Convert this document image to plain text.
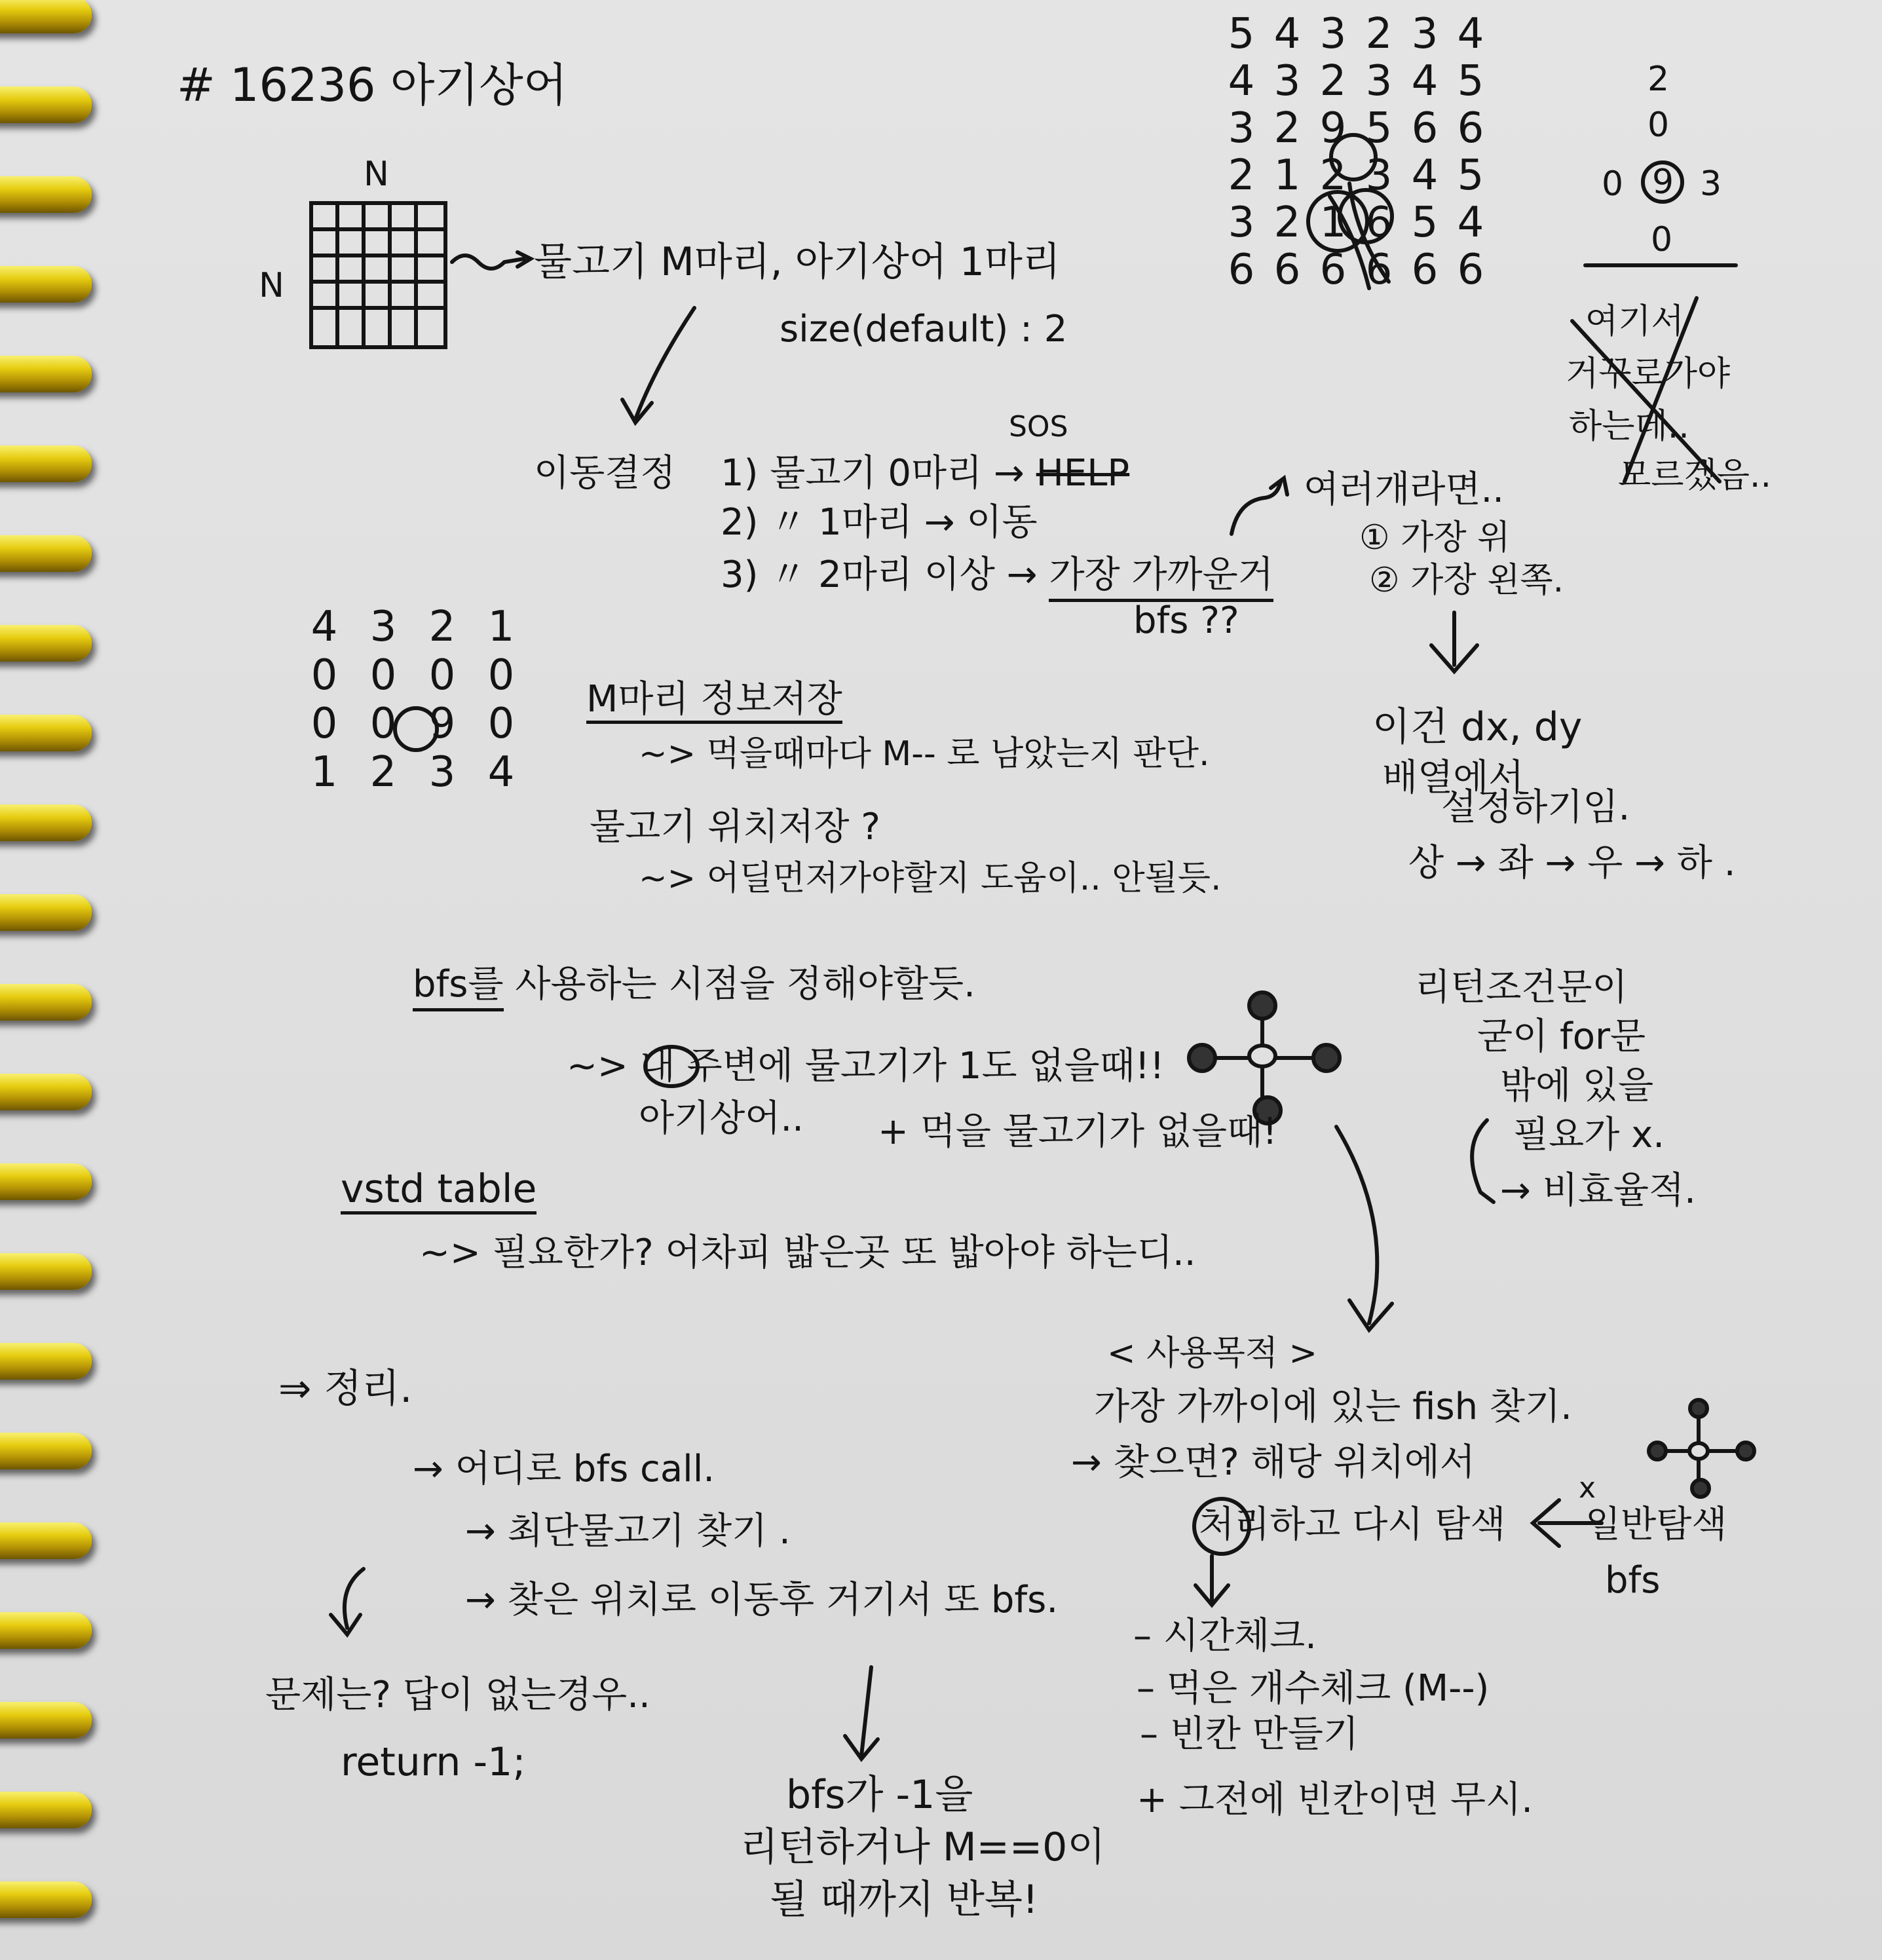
# 16236 아기상어
N
N
물고기 M마리, 아기상어 1마리
size(default) : 2
이동결정
SOS
1) 물고기 0마리 → HELP
2) 〃 1마리 → 이동
3) 〃 2마리 이상 → 가장 가까운거
bfs ??
여러개라면..
① 가장 위
② 가장 왼쪽.
5 4 3 2 3 4
4 3 2 3 4 5
3 2 9 5 6 6
2 1 2 3 4 5
3 2 1 6 5 4
6 6 6 6 6 6
2
0
0 9 3
0
여기서
거꾸로가야
하는데..
모르겠음..
4 3 2 1
0 0 0 0
0 0 9 0
1 2 3 4
M마리 정보저장
~> 먹을때마다 M-- 로 남았는지 판단.
물고기 위치저장 ?
~> 어딜먼저가야할지 도움이.. 안될듯.
이건 dx, dy
배열에서
설정하기임.
상 → 좌 → 우 → 하 .
bfs를 사용하는 시점을 정해야할듯.
~> 내 주변에 물고기가 1도 없을때!!
아기상어.. + 먹을 물고기가 없을때!
리턴조건문이
굳이 for문
밖에 있을
필요가 x.
→ 비효율적.
vstd table
~> 필요한가? 어차피 밟은곳 또 밟아야 하는디..
< 사용목적 >
가장 가까이에 있는 fish 찾기.
→ 찾으면? 해당 위치에서
처리하고 다시 탐색
x
일반탐색
bfs
– 시간체크.
– 먹은 개수체크 (M--)
– 빈칸 만들기
+ 그전에 빈칸이면 무시.
⇒ 정리.
→ 어디로 bfs call.
→ 최단물고기 찾기 .
→ 찾은 위치로 이동후 거기서 또 bfs.
문제는? 답이 없는경우..
return -1;
bfs가 -1을
리턴하거나 M==0이
될 때까지 반복!
